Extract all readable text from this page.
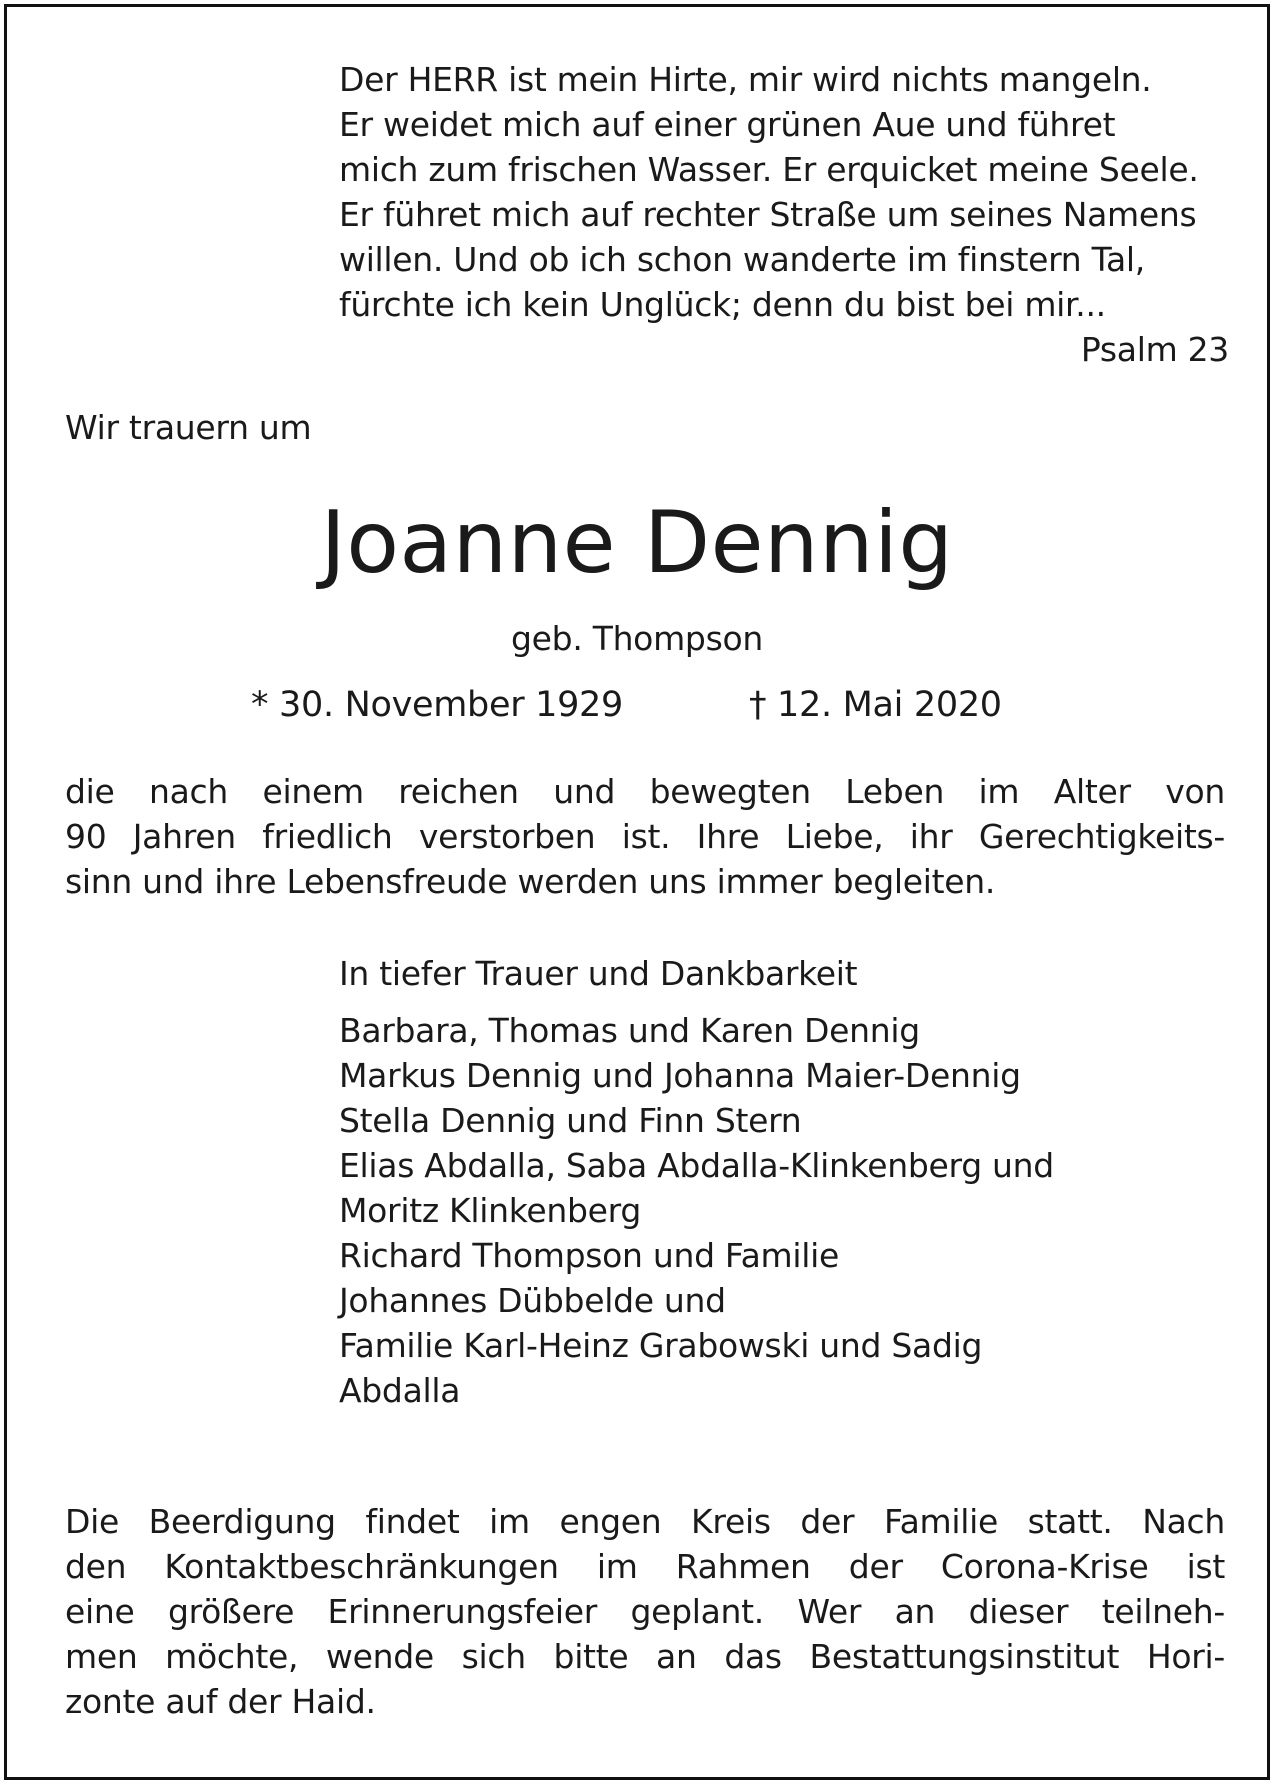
Der HERR ist mein Hirte, mir wird nichts mangeln.
Er weidet mich auf einer grünen Aue und führet
mich zum frischen Wasser. Er erquicket meine Seele.
Er führet mich auf rechter Straße um seines Namens
willen. Und ob ich schon wanderte im finstern Tal,
fürchte ich kein Unglück; denn du bist bei mir...
Psalm 23
Wir trauern um
Joanne Dennig
geb. Thompson
* 30. November 1929	† 12. Mai 2020
die nach einem reichen und bewegten Leben im Alter von
90 Jahren friedlich verstorben ist. Ihre Liebe, ihr Gerechtigkeits-
sinn und ihre Lebensfreude werden uns immer begleiten.
In tiefer Trauer und Dankbarkeit
Barbara, Thomas und Karen Dennig
Markus Dennig und Johanna Maier-Dennig
Stella Dennig und Finn Stern
Elias Abdalla, Saba Abdalla-Klinkenberg und
Moritz Klinkenberg
Richard Thompson und Familie
Johannes Dübbelde und
Familie Karl-Heinz Grabowski und Sadig
Abdalla
Die Beerdigung findet im engen Kreis der Familie statt. Nach
den Kontaktbeschränkungen im Rahmen der Corona-Krise ist
eine größere Erinnerungsfeier geplant. Wer an dieser teilneh-
men möchte, wende sich bitte an das Bestattungsinstitut Hori-
zonte auf der Haid.
